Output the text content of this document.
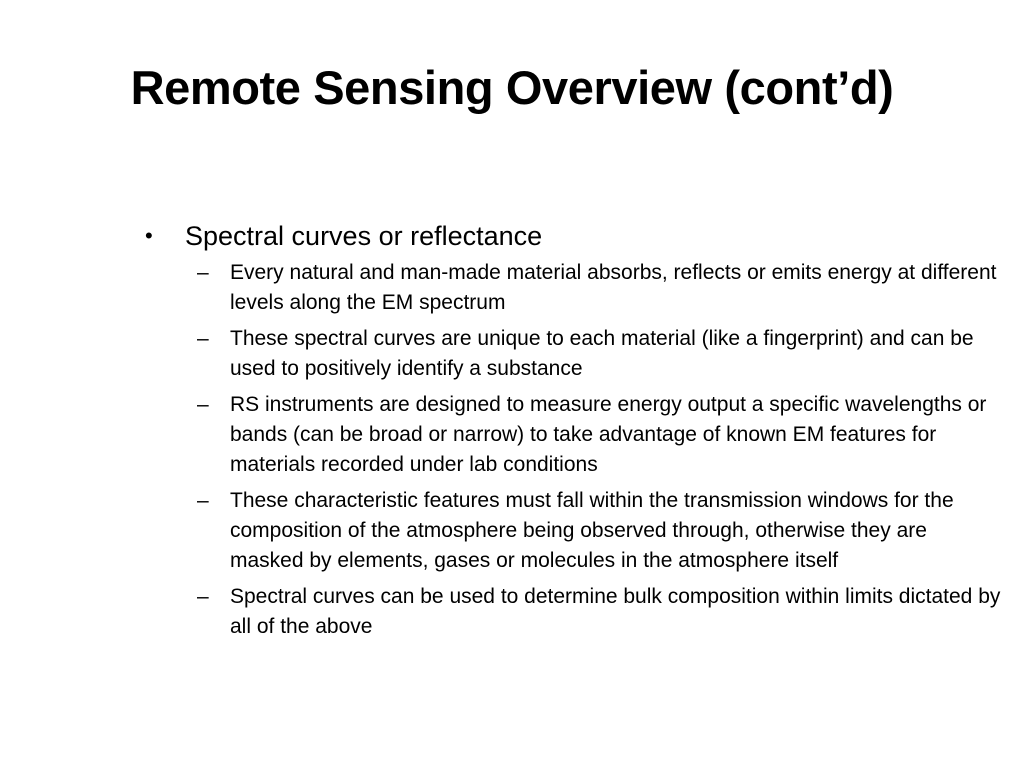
Remote Sensing Overview (cont’d)
•	Spectral curves or reflectance
–	Every natural and man-made material absorbs, reflects or emits energy at different levels along the EM spectrum
–	These spectral curves are unique to each material (like a fingerprint) and can be used to positively identify a substance
–	RS instruments are designed to measure energy output a specific wavelengths or bands (can be broad or narrow) to take advantage of known EM features for materials recorded under lab conditions
–	These characteristic features must fall within the transmission windows for the composition of the atmosphere being observed through, otherwise they are masked by elements, gases or molecules in the atmosphere itself
–	Spectral curves can be used to determine bulk composition within limits dictated by all of the above
